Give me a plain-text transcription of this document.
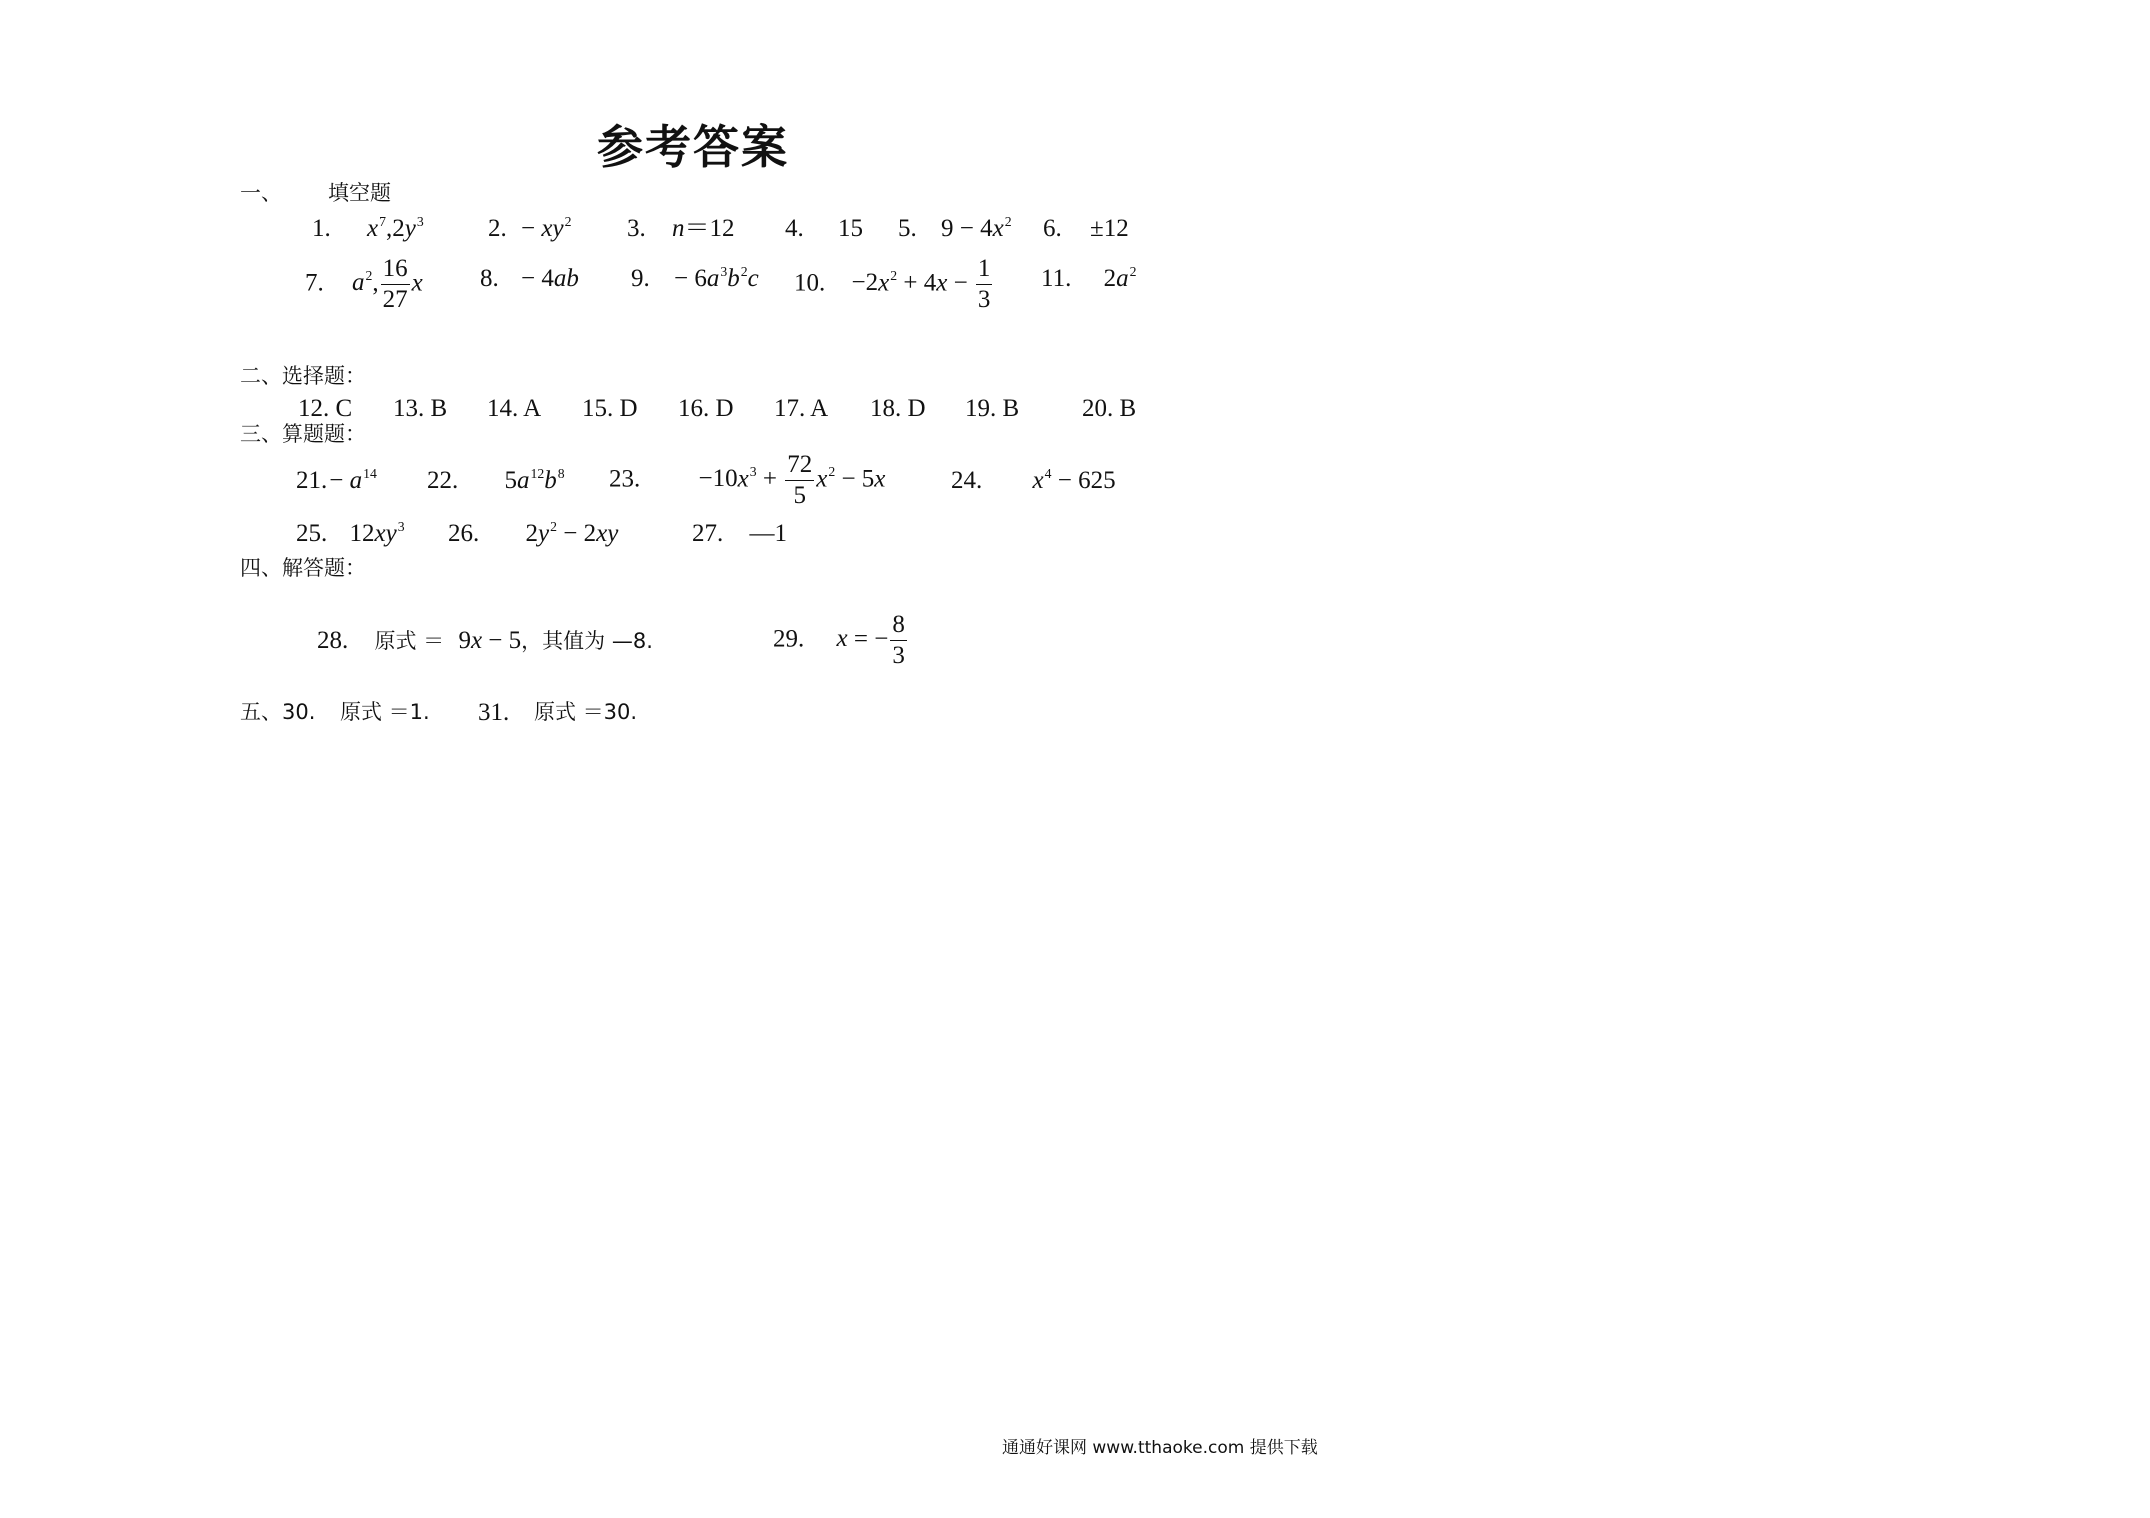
参考答案
一、 填空题
1. $x^7,2y^3$	2. − $xy^2$ 3. n＝12 4. 15 5. $9 - 4x^2$ 6. ±12
7. $a^2$, $\frac{16}{27}$ x 8. − 4ab 9. − $6a^3b^2c$ 10. $-2x^2 + 4x - \frac{1}{3} 11$. $2a^2$
二、选择题：
12. C 13. B 14. A 15. D 16. D 17. A 18. D 19. B	20. B
三、算题题：
$21.- a^{14}$ 22. $5a^{12}b^8$ 23. $-10x^3 + \frac{72}{5} x^2 - 5x$	24. $x^4 - 625$
25. $12xy^3$ 26. $2y^2 - 2xy$	27. —1
四、解答题：
28. 原式 ＝ 9x − 5，其值为 —8.	29. x = − $\frac{8}{3}$
五、30. 原式 ＝1. 31. 原式 ＝30.
通通好课网 www.tthaoke.com 提供下载
